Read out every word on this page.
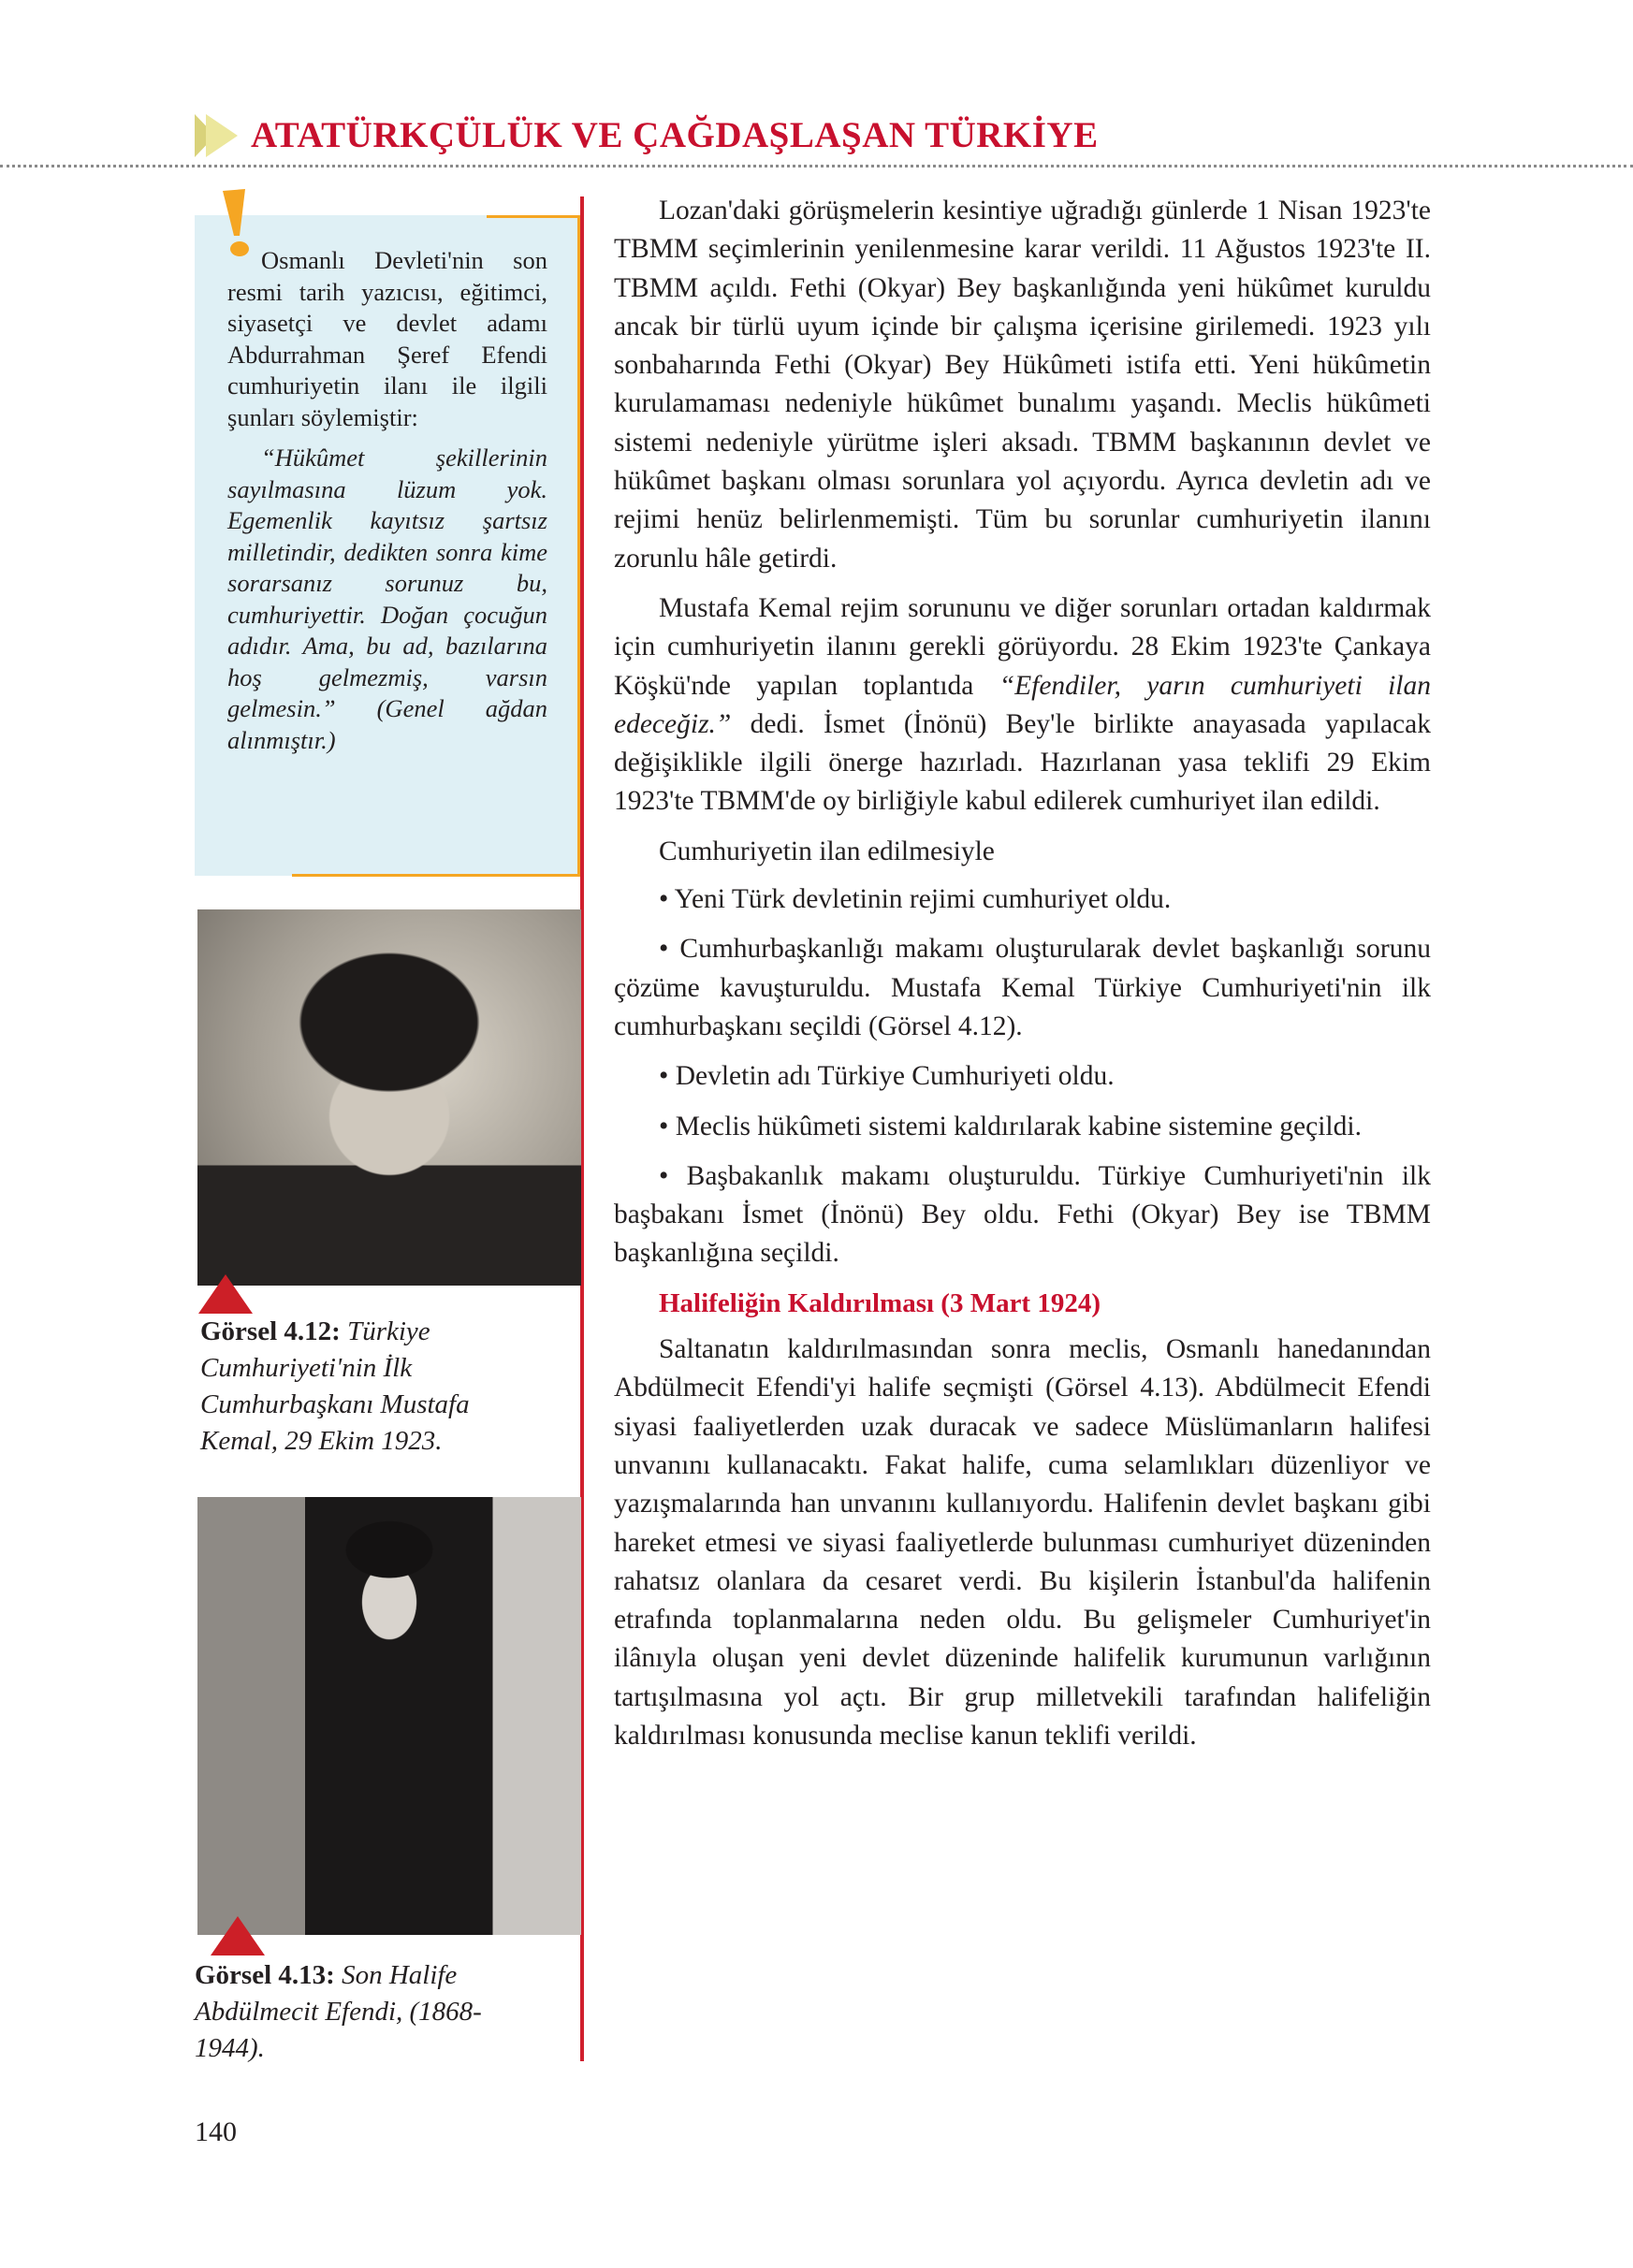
ATATÜRKÇÜLÜK VE ÇAĞDAŞLAŞAN TÜRKİYE

Osmanlı Devleti'nin son resmi tarih yazıcısı, eğitimci, siyasetçi ve devlet adamı Abdurrahman Şeref Efendi cumhuriyetin ilanı ile ilgili şunları söylemiştir:

“Hükûmet şekillerinin sayılmasına lüzum yok. Egemenlik kayıtsız şartsız milletindir, dedikten sonra kime sorarsanız sorunuz bu, cumhuriyettir. Doğan çocuğun adıdır. Ama, bu ad, bazılarına hoş gelmezmiş, varsın gelmesin.” (Genel ağdan alınmıştır.)

Görsel 4.12: Türkiye Cumhuriyeti'nin İlk Cumhurbaşkanı Mustafa Kemal, 29 Ekim 1923.
Görsel 4.13: Son Halife Abdülmecit Efendi, (1868-1944).
140

Lozan'daki görüşmelerin kesintiye uğradığı günlerde 1 Nisan 1923'te TBMM seçimlerinin yenilenmesine karar verildi. 11 Ağustos 1923'te II. TBMM açıldı. Fethi (Okyar) Bey başkanlığında yeni hükûmet kuruldu ancak bir türlü uyum içinde bir çalışma içerisine girilemedi. 1923 yılı sonbaharında Fethi (Okyar) Bey Hükûmeti istifa etti. Yeni hükûmetin kurulamaması nedeniyle hükûmet bunalımı yaşandı. Meclis hükûmeti sistemi nedeniyle yürütme işleri aksadı. TBMM başkanının devlet ve hükûmet başkanı olması sorunlara yol açıyordu. Ayrıca devletin adı ve rejimi henüz belirlenmemişti. Tüm bu sorunlar cumhuriyetin ilanını zorunlu hâle getirdi.

Mustafa Kemal rejim sorununu ve diğer sorunları ortadan kaldırmak için cumhuriyetin ilanını gerekli görüyordu. 28 Ekim 1923'te Çankaya Köşkü'nde yapılan toplantıda “Efendiler, yarın cumhuriyeti ilan edeceğiz.” dedi. İsmet (İnönü) Bey'le birlikte anayasada yapılacak değişiklikle ilgili önerge hazırladı. Hazırlanan yasa teklifi 29 Ekim 1923'te TBMM'de oy birliğiyle kabul edilerek cumhuriyet ilan edildi.

Cumhuriyetin ilan edilmesiyle

• Yeni Türk devletinin rejimi cumhuriyet oldu.

• Cumhurbaşkanlığı makamı oluşturularak devlet başkanlığı sorunu çözüme kavuşturuldu. Mustafa Kemal Türkiye Cumhuriyeti'nin ilk cumhurbaşkanı seçildi (Görsel 4.12).

• Devletin adı Türkiye Cumhuriyeti oldu.

• Meclis hükûmeti sistemi kaldırılarak kabine sistemine geçildi.

• Başbakanlık makamı oluşturuldu. Türkiye Cumhuriyeti'nin ilk başbakanı İsmet (İnönü) Bey oldu. Fethi (Okyar) Bey ise TBMM başkanlığına seçildi.

Halifeliğin Kaldırılması (3 Mart 1924)

Saltanatın kaldırılmasından sonra meclis, Osmanlı hanedanından Abdülmecit Efendi'yi halife seçmişti (Görsel 4.13). Abdülmecit Efendi siyasi faaliyetlerden uzak duracak ve sadece Müslümanların halifesi unvanını kullanacaktı. Fakat halife, cuma selamlıkları düzenliyor ve yazışmalarında han unvanını kullanıyordu. Halifenin devlet başkanı gibi hareket etmesi ve siyasi faaliyetlerde bulunması cumhuriyet düzeninden rahatsız olanlara da cesaret verdi. Bu kişilerin İstanbul'da halifenin etrafında toplanmalarına neden oldu. Bu gelişmeler Cumhuriyet'in ilânıyla oluşan yeni devlet düzeninde halifelik kurumunun varlığının tartışılmasına yol açtı. Bir grup milletvekili tarafından halifeliğin kaldırılması konusunda meclise kanun teklifi verildi.
